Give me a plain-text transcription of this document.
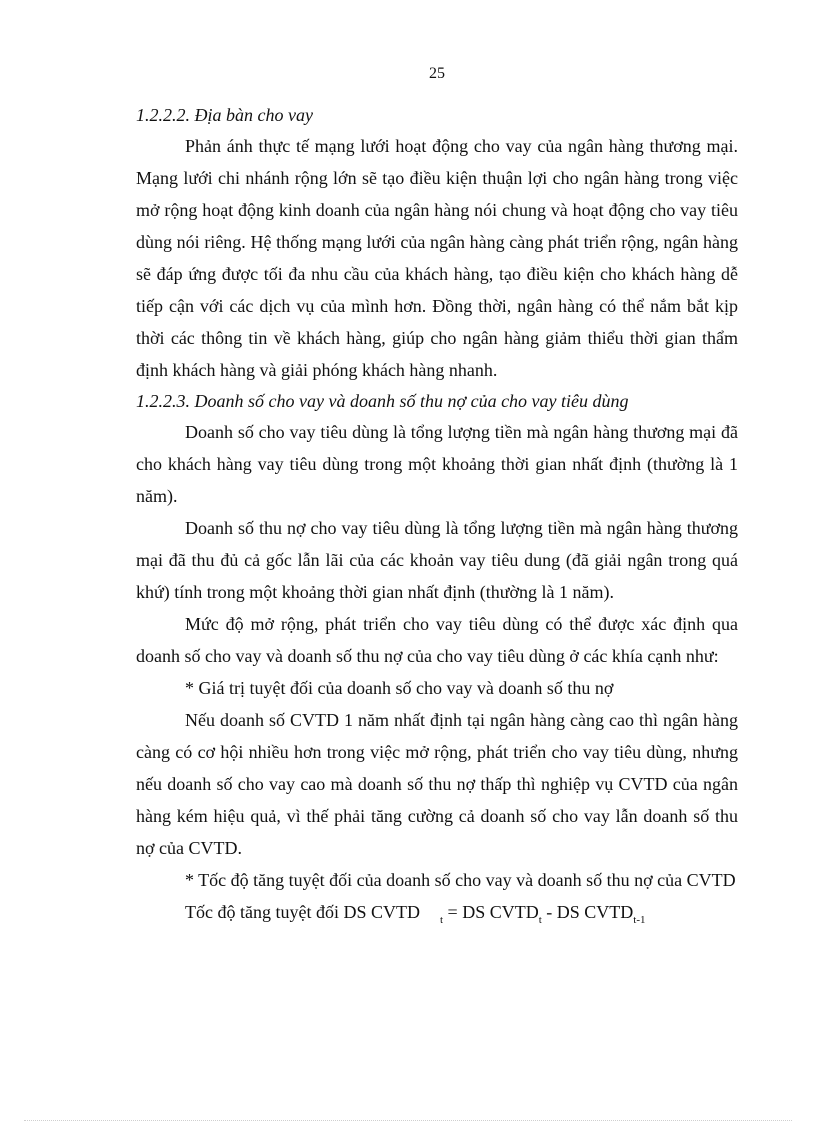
25

1.2.2.2. Địa bàn cho vay

Phản ánh thực tế mạng lưới hoạt động cho vay của ngân hàng thương mại. Mạng lưới chi nhánh rộng lớn sẽ tạo điều kiện thuận lợi cho ngân hàng trong việc mở rộng hoạt động kinh doanh của ngân hàng nói chung và hoạt động cho vay tiêu dùng nói riêng. Hệ thống mạng lưới của ngân hàng càng phát triển rộng, ngân hàng sẽ đáp ứng được tối đa nhu cầu của khách hàng, tạo điều kiện cho khách hàng dễ tiếp cận với các dịch vụ của mình hơn. Đồng thời, ngân hàng có thể nắm bắt kịp thời các thông tin về khách hàng, giúp cho ngân hàng giảm thiểu thời gian thẩm định khách hàng và giải phóng khách hàng nhanh.

1.2.2.3. Doanh số cho vay và doanh số thu nợ của cho vay tiêu dùng

Doanh số cho vay tiêu dùng là tổng lượng tiền mà ngân hàng thương mại đã cho khách hàng vay tiêu dùng trong một khoảng thời gian nhất định (thường là 1 năm).

Doanh số thu nợ cho vay tiêu dùng là tổng lượng tiền mà ngân hàng thương mại đã thu đủ cả gốc lẫn lãi của các khoản vay tiêu dung (đã giải ngân trong quá khứ) tính trong một khoảng thời gian nhất định (thường là 1 năm).

Mức độ mở rộng, phát triển cho vay tiêu dùng có thể được xác định qua doanh số cho vay và doanh số thu nợ của cho vay tiêu dùng ở các khía cạnh như:

* Giá trị tuyệt đối của doanh số cho vay và doanh số thu nợ

Nếu doanh số CVTD 1 năm nhất định tại ngân hàng càng cao thì ngân hàng càng có cơ hội nhiều hơn trong việc mở rộng, phát triển cho vay tiêu dùng, nhưng nếu doanh số cho vay cao mà doanh số thu nợ thấp thì nghiệp vụ CVTD của ngân hàng kém hiệu quả, vì thế phải tăng cường cả doanh số cho vay lẫn doanh số thu nợ của CVTD.

* Tốc độ tăng tuyệt đối của doanh số cho vay và doanh số thu nợ của CVTD

Tốc độ tăng tuyệt đối DS CVTD $_t$ = DS $CVTD_t$ - DS $CVTD_{t-1}$
